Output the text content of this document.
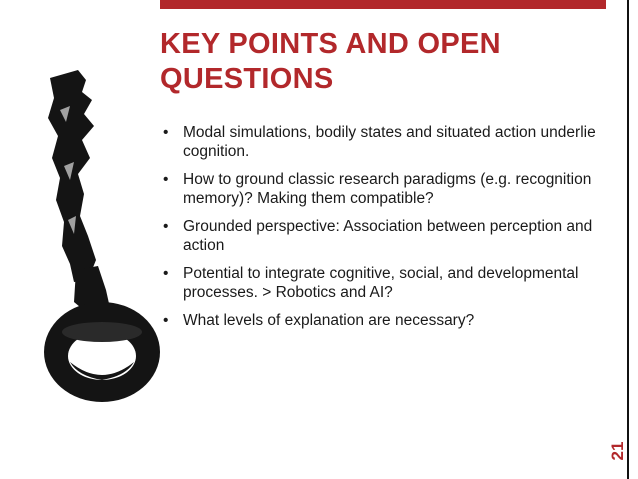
KEY POINTS AND OPEN QUESTIONS
• Modal simulations, bodily states and situated action underlie cognition.
• How to ground classic research paradigms (e.g. recognition memory)? Making them compatible?
• Grounded perspective: Association between perception and action
• Potential to integrate cognitive, social, and developmental processes. > Robotics and AI?
• What levels of explanation are necessary?
21
